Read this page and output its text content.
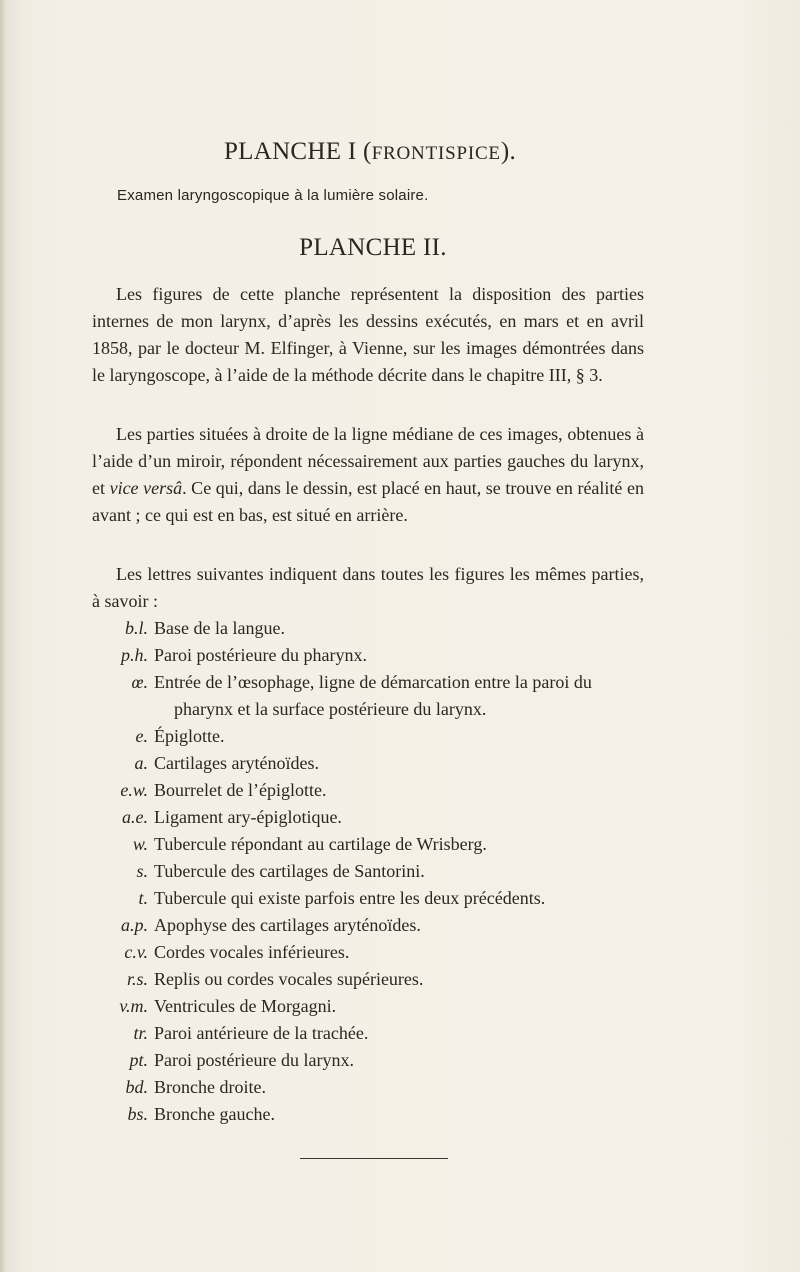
PLANCHE I (FRONTISPICE).
Examen laryngoscopique à la lumière solaire.
PLANCHE II.

Les figures de cette planche représentent la disposition des parties internes de mon larynx, d’après les dessins exécutés, en mars et en avril 1858, par le docteur M. Elfinger, à Vienne, sur les images démontrées dans le laryngoscope, à l’aide de la méthode décrite dans le chapitre III, § 3.

Les parties situées à droite de la ligne médiane de ces images, obtenues à l’aide d’un miroir, répondent nécessairement aux parties gauches du larynx, et vice versâ. Ce qui, dans le dessin, est placé en haut, se trouve en réalité en avant ; ce qui est en bas, est situé en arrière.

Les lettres suivantes indiquent dans toutes les figures les mêmes parties, à savoir :

b.l. Base de la langue.
p.h. Paroi postérieure du pharynx.
œ. Entrée de l’œsophage, ligne de démarcation entre la paroi du
pharynx et la surface postérieure du larynx.
e. Épiglotte.
a. Cartilages aryténoïdes.
e.w. Bourrelet de l’épiglotte.
a.e. Ligament ary-épiglotique.
w. Tubercule répondant au cartilage de Wrisberg.
s. Tubercule des cartilages de Santorini.
t. Tubercule qui existe parfois entre les deux précédents.
a.p. Apophyse des cartilages aryténoïdes.
c.v. Cordes vocales inférieures.
r.s. Replis ou cordes vocales supérieures.
v.m. Ventricules de Morgagni.
tr. Paroi antérieure de la trachée.
pt. Paroi postérieure du larynx.
bd. Bronche droite.
bs. Bronche gauche.
